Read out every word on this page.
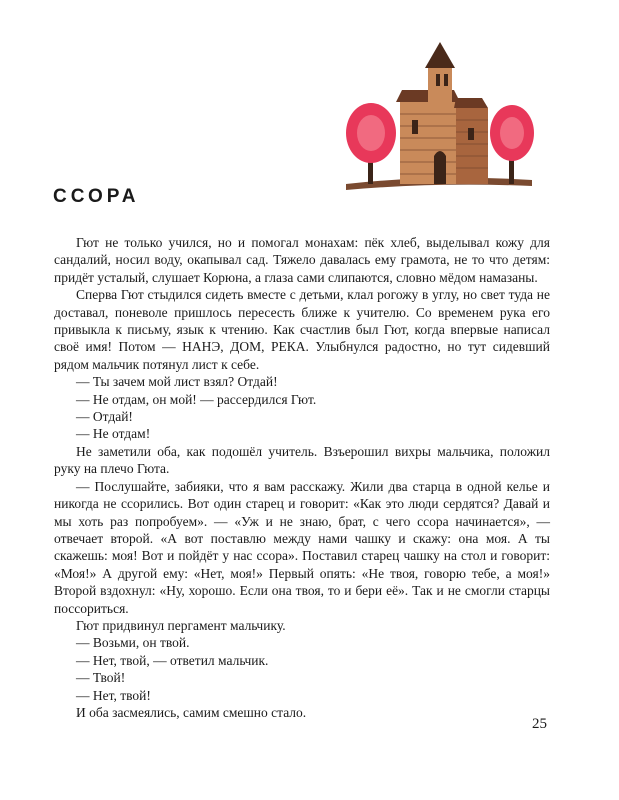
ССОРА

Гют не только учился, но и помогал монахам: пёк хлеб, выделывал кожу для сандалий, носил воду, окапывал сад. Тяжело давалась ему грамота, не то что детям: придёт усталый, слушает Корюна, а глаза сами слипаются, словно мёдом намазаны.

Сперва Гют стыдился сидеть вместе с детьми, клал рогожу в углу, но свет туда не доставал, поневоле пришлось пересесть ближе к учителю. Со временем рука его привыкла к письму, язык к чтению. Как счастлив был Гют, когда впервые написал своё имя! Потом — НАНЭ, ДОМ, РЕКА. Улыбнулся радостно, но тут сидевший рядом мальчик потянул лист к себе.

— Ты зачем мой лист взял? Отдай!

— Не отдам, он мой! — рассердился Гют.

— Отдай!

— Не отдам!

Не заметили оба, как подошёл учитель. Взъерошил вихры мальчика, положил руку на плечо Гюта.

— Послушайте, забияки, что я вам расскажу. Жили два старца в одной келье и никогда не ссорились. Вот один старец и говорит: «Как это люди сердятся? Давай и мы хоть раз попробуем». — «Уж и не знаю, брат, с чего ссора начинается», — отвечает второй. «А вот поставлю между нами чашку и скажу: она моя. А ты скажешь: моя! Вот и пойдёт у нас ссора». Поставил старец чашку на стол и говорит: «Моя!» А другой ему: «Нет, моя!» Первый опять: «Не твоя, говорю тебе, а моя!» Второй вздохнул: «Ну, хорошо. Если она твоя, то и бери её». Так и не смогли старцы поссориться.

Гют придвинул пергамент мальчику.

— Возьми, он твой.

— Нет, твой, — ответил мальчик.

— Твой!

— Нет, твой!

И оба засмеялись, самим смешно стало.

25
